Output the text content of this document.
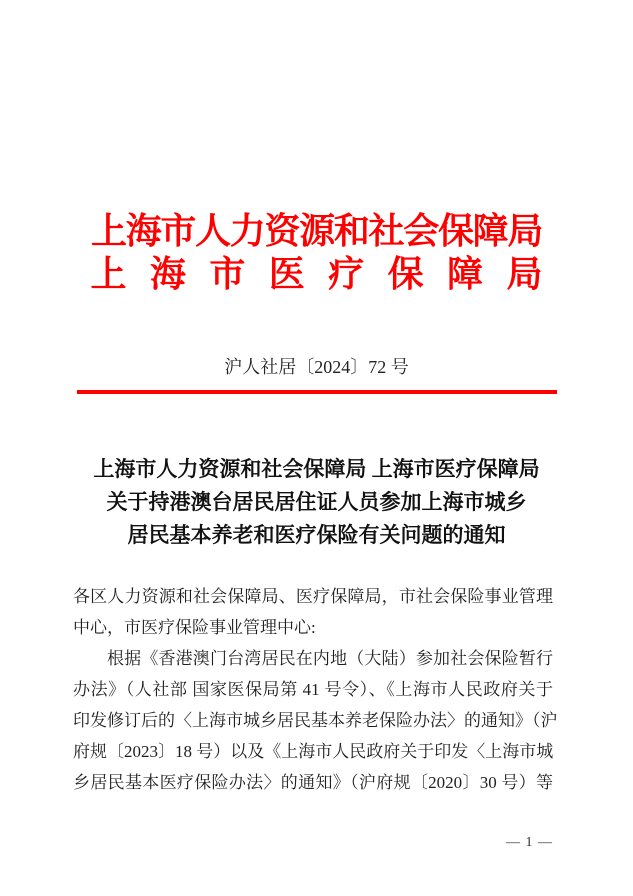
上海市人力资源和社会保障局
上海市医疗保障局
沪人社居〔2024〕72 号
上海市人力资源和社会保障局 上海市医疗保障局
关于持港澳台居民居住证人员参加上海市城乡
居民基本养老和医疗保险有关问题的通知
各区人力资源和社会保障局、医疗保障局，市社会保险事业管理
中心，市医疗保险事业管理中心:
根据《香港澳门台湾居民在内地（大陆）参加社会保险暂行
办法》（人社部 国家医保局第 41 号令）、《上海市人民政府关于
印发修订后的〈上海市城乡居民基本养老保险办法〉的通知》（沪
府规〔2023〕18 号）以及《上海市人民政府关于印发〈上海市城
乡居民基本医疗保险办法〉的通知》（沪府规〔2020〕30 号）等
— 1 —
